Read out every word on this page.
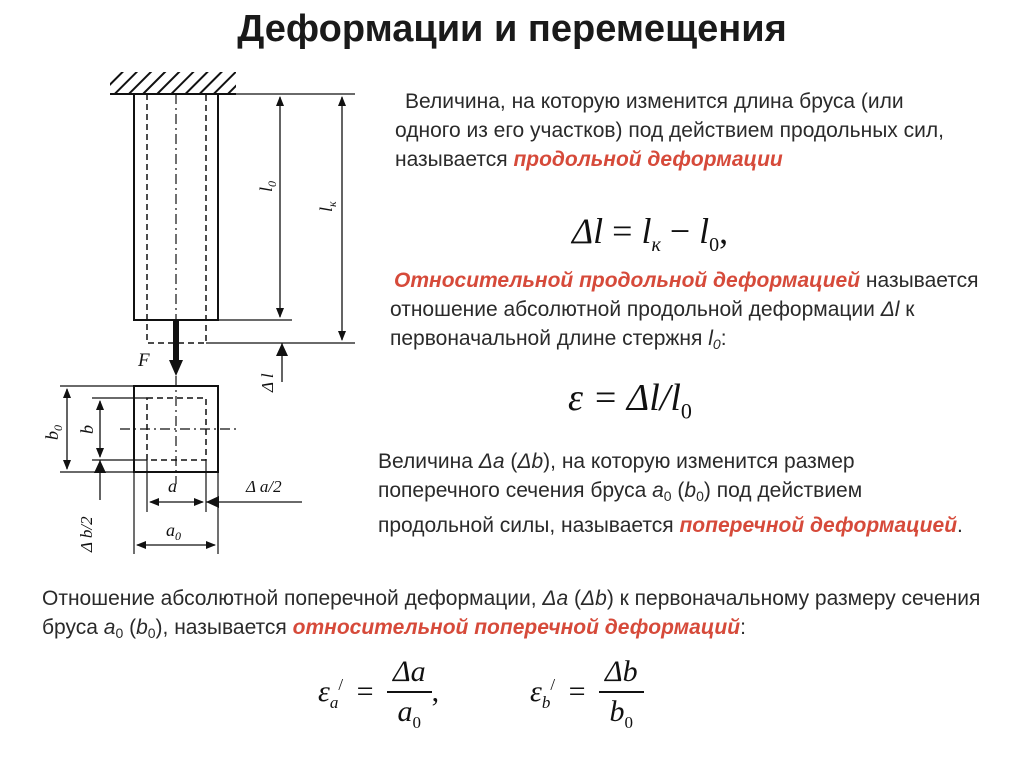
Деформации и перемещения
F
$l_0$
$l_к$
Δ l
$b_0$ b
Δ b/2
a	Δ a/2
$a_0$
Величина, на которую изменится длина бруса (или одного из его участков) под действием продольных сил, называется продольной деформации
$\Delta l = l_к - l_0$,
Относительной продольной деформацией называется отношение абсолютной продольной деформации Δl к первоначальной длине стержня $l_0$:
$\varepsilon = \Delta l/l_0$
Величина Δa (Δb), на которую изменится размер поперечного сечения бруса $a_0$ $(b_0)$ под действием продольной силы, называется поперечной деформацией.
Отношение абсолютной поперечной деформации, Δa (Δb) к первоначальному размеру сечения бруса $a_0$ $(b_0)$, называется относительной поперечной деформаций:
$\varepsilon_a^/ = \frac{\Delta a}{a_0}$ ,	$\varepsilon_b^/ = \frac{\Delta b}{b_0}$
